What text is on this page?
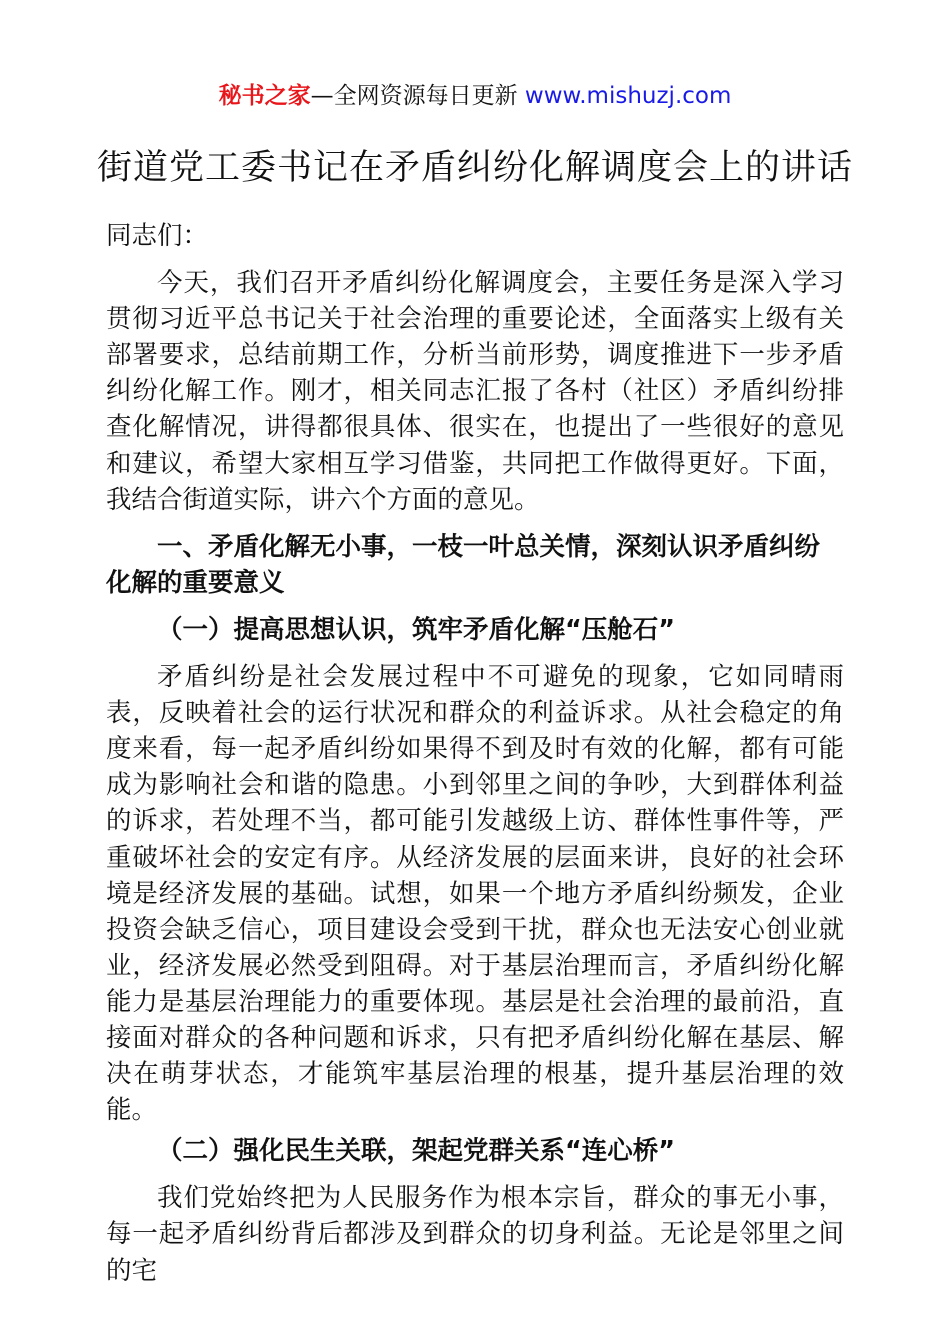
秘书之家—全网资源每日更新 www.mishuzj.com
街道党工委书记在矛盾纠纷化解调度会上的讲话

同志们：

今天，我们召开矛盾纠纷化解调度会，主要任务是深入学习贯彻习近平总书记关于社会治理的重要论述，全面落实上级有关部署要求，总结前期工作，分析当前形势，调度推进下一步矛盾纠纷化解工作。刚才，相关同志汇报了各村（社区）矛盾纠纷排查化解情况，讲得都很具体、很实在，也提出了一些很好的意见和建议，希望大家相互学习借鉴，共同把工作做得更好。下面，我结合街道实际，讲六个方面的意见。

一、矛盾化解无小事，一枝一叶总关情，深刻认识矛盾纠纷化解的重要意义

（一）提高思想认识，筑牢矛盾化解“压舱石”

矛盾纠纷是社会发展过程中不可避免的现象，它如同晴雨表，反映着社会的运行状况和群众的利益诉求。从社会稳定的角度来看，每一起矛盾纠纷如果得不到及时有效的化解，都有可能成为影响社会和谐的隐患。小到邻里之间的争吵，大到群体利益的诉求，若处理不当，都可能引发越级上访、群体性事件等，严重破坏社会的安定有序。从经济发展的层面来讲，良好的社会环境是经济发展的基础。试想，如果一个地方矛盾纠纷频发，企业投资会缺乏信心，项目建设会受到干扰，群众也无法安心创业就业，经济发展必然受到阻碍。对于基层治理而言，矛盾纠纷化解能力是基层治理能力的重要体现。基层是社会治理的最前沿，直接面对群众的各种问题和诉求，只有把矛盾纠纷化解在基层、解决在萌芽状态，才能筑牢基层治理的根基，提升基层治理的效能。

（二）强化民生关联，架起党群关系“连心桥”

我们党始终把为人民服务作为根本宗旨，群众的事无小事，每一起矛盾纠纷背后都涉及到群众的切身利益。无论是邻里之间的宅
